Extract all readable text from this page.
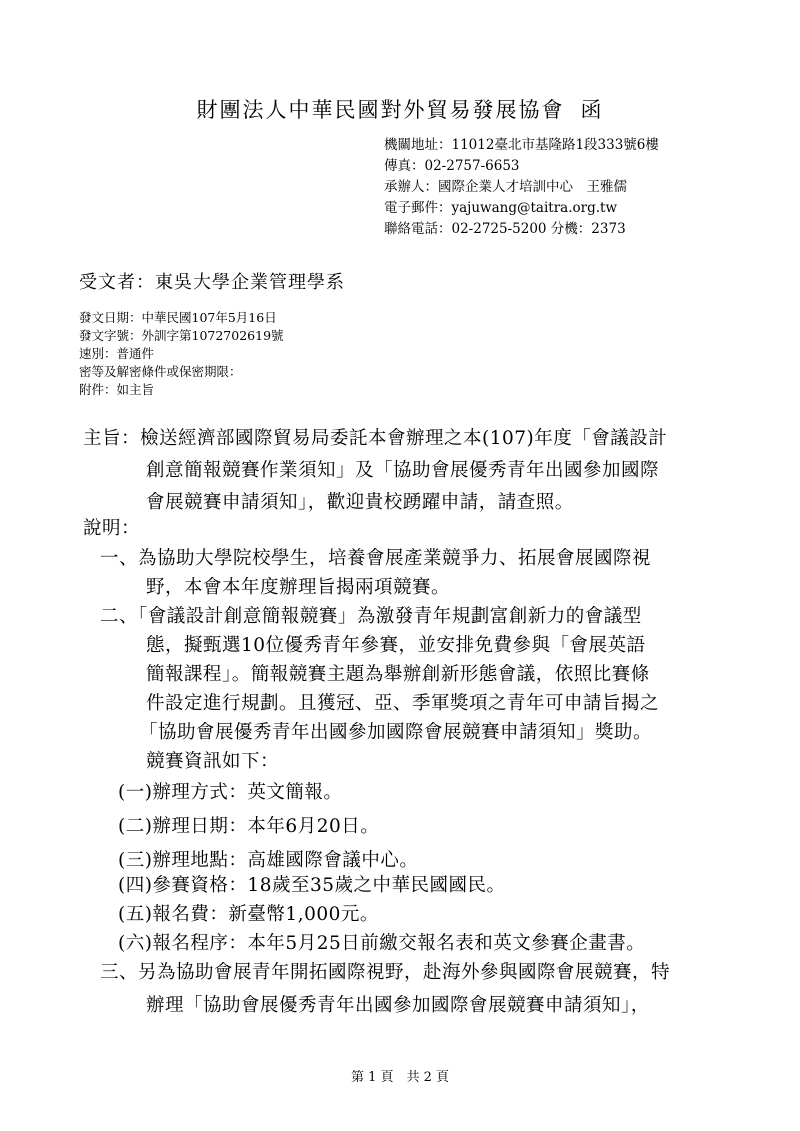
財團法人中華民國對外貿易發展協會 函
機關地址：11012臺北市基隆路1段333號6樓
傳真：02-2757-6653
承辦人：國際企業人才培訓中心　王雅儒
電子郵件：yajuwang@taitra.org.tw
聯絡電話：02-2725-5200 分機：2373
受文者：東吳大學企業管理學系
發文日期：中華民國107年5月16日
發文字號：外訓字第1072702619號
速別：普通件
密等及解密條件或保密期限：
附件：如主旨
主旨：檢送經濟部國際貿易局委託本會辦理之本(107)年度「會議設計
創意簡報競賽作業須知」及「協助會展優秀青年出國參加國際
會展競賽申請須知」，歡迎貴校踴躍申請，請查照。
說明：
一、為協助大學院校學生，培養會展產業競爭力、拓展會展國際視
野，本會本年度辦理旨揭兩項競賽。
二、「會議設計創意簡報競賽」為激發青年規劃富創新力的會議型
態，擬甄選10位優秀青年參賽，並安排免費參與「會展英語
簡報課程」。簡報競賽主題為舉辦創新形態會議，依照比賽條
件設定進行規劃。且獲冠、亞、季軍獎項之青年可申請旨揭之
「協助會展優秀青年出國參加國際會展競賽申請須知」獎助。
競賽資訊如下：
(一)辦理方式：英文簡報。
(二)辦理日期：本年6月20日。
(三)辦理地點：高雄國際會議中心。
(四)參賽資格：18歲至35歲之中華民國國民。
(五)報名費：新臺幣1,000元。
(六)報名程序：本年5月25日前繳交報名表和英文參賽企畫書。
三、另為協助會展青年開拓國際視野，赴海外參與國際會展競賽，特
辦理「協助會展優秀青年出國參加國際會展競賽申請須知」，
第 1 頁　共 2 頁
